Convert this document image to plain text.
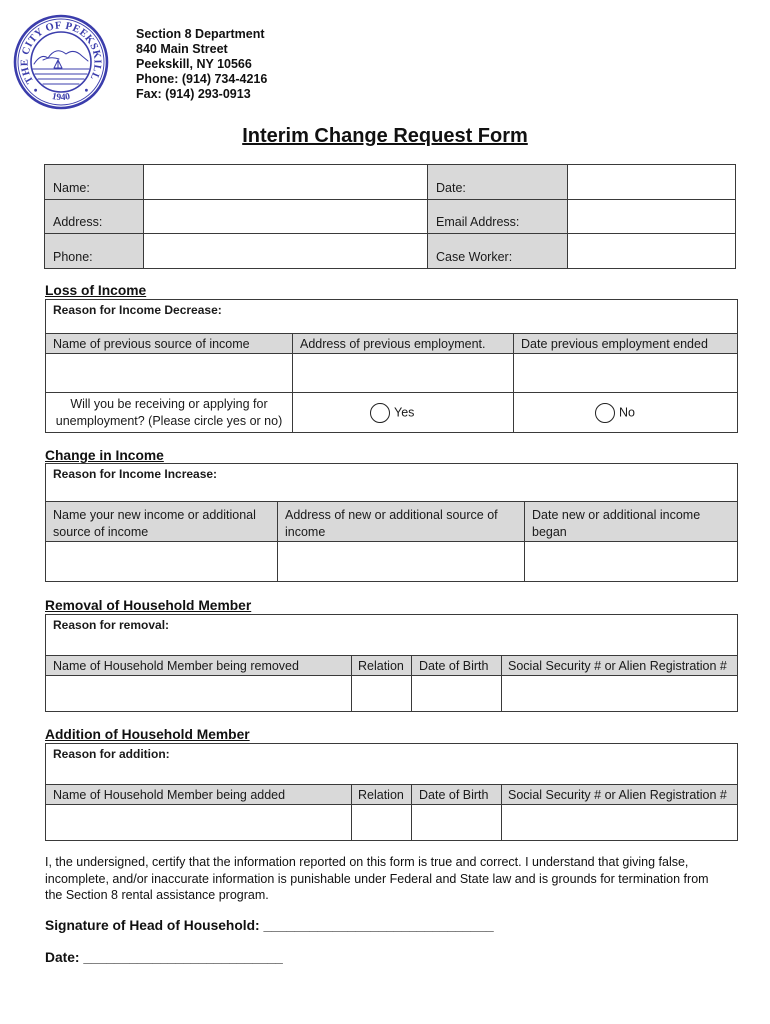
THE CITY OF PEEKSKILL
1940
Section 8 Department
840 Main Street
Peekskill, NY 10566
Phone: (914) 734-4216
Fax: (914) 293-0913
Interim Change Request Form
Name:		Date:	
Address:		Email Address:	
Phone:		Case Worker:	
Loss of Income
Reason for Income Decrease:		
Name of previous source of income	Address of previous employment.	Date previous employment ended

Will you be receiving or applying for unemployment? (Please circle yes or no)	Yes	No
Change in Income
Reason for Income Increase:		
Name your new income or additional source of income	Address of new or additional source of income	Date new or additional income began

Removal of Household Member
Reason for removal:			
Name of Household Member being removed	Relation	Date of Birth	Social Security # or Alien Registration #

Addition of Household Member
Reason for addition:			
Name of Household Member being added	Relation	Date of Birth	Social Security # or Alien Registration #

I, the undersigned, certify that the information reported on this form is true and correct. I understand that giving false,
incomplete, and/or inaccurate information is punishable under Federal and State law and is grounds for termination from
the Section 8 rental assistance program.
Signature of Head of Household: ______________________________
Date: __________________________
